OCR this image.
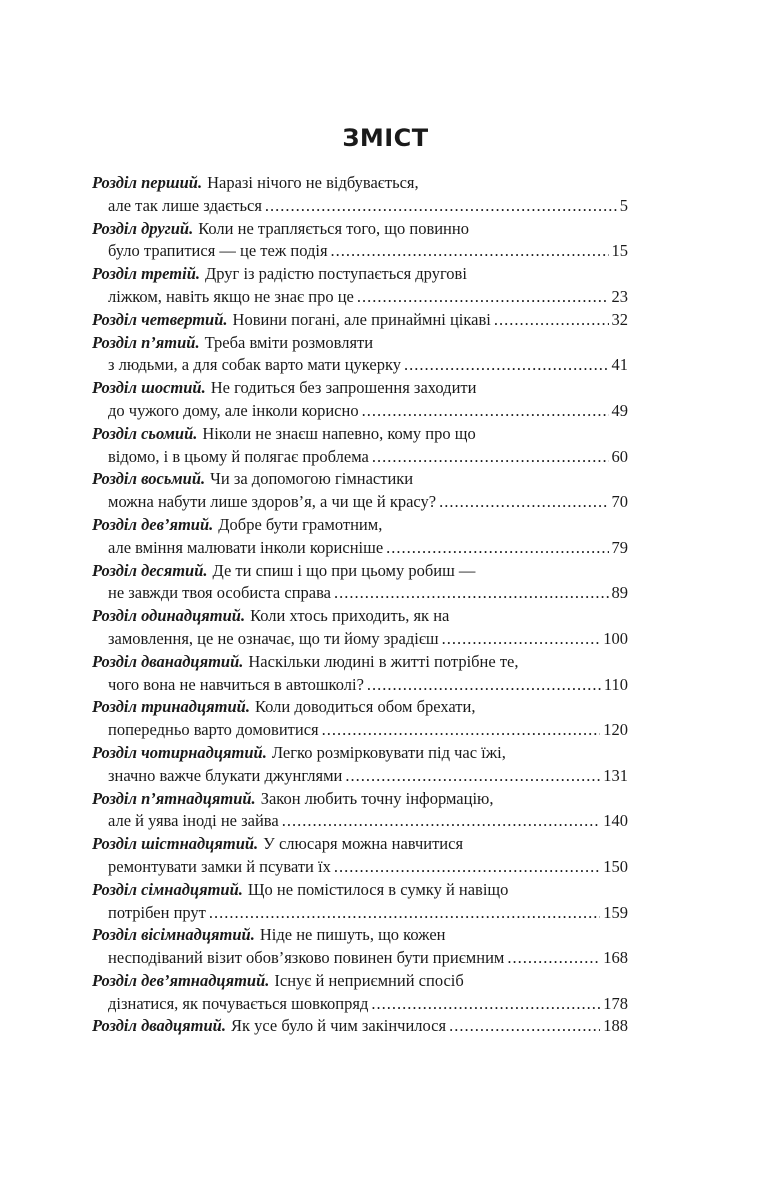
ЗМІСТ
Розділ перший. Наразі нічого не відбувається,
але так лише здається .....	5
Розділ другий. Коли не трапляється того, що повинно
було трапитися — це теж подія .....	15
Розділ третій. Друг із радістю поступається другові
ліжком, навіть якщо не знає про це .....	23
Розділ четвертий. Новини погані, але принаймні цікаві .....	32
Розділ п’ятий. Треба вміти розмовляти
з людьми, а для собак варто мати цукерку .....	41
Розділ шостий. Не годиться без запрошення заходити
до чужого дому, але інколи корисно .....	49
Розділ сьомий. Ніколи не знаєш напевно, кому про що
відомо, і в цьому й полягає проблема .....	60
Розділ восьмий. Чи за допомогою гімнастики
можна набути лише здоров’я, а чи ще й красу? .....	70
Розділ дев’ятий. Добре бути грамотним,
але вміння малювати інколи корисніше .....	79
Розділ десятий. Де ти спиш і що при цьому робиш —
не завжди твоя особиста справа .....	89
Розділ одинадцятий. Коли хтось приходить, як на
замовлення, це не означає, що ти йому зрадієш .....	100
Розділ дванадцятий. Наскільки людині в житті потрібне те,
чого вона не навчиться в автошколі? .....	110
Розділ тринадцятий. Коли доводиться обом брехати,
попередньо варто домовитися .....	120
Розділ чотирнадцятий. Легко розмірковувати під час їжі,
значно важче блукати джунглями .....	131
Розділ п’ятнадцятий. Закон любить точну інформацію,
але й уява іноді не зайва .....	140
Розділ шістнадцятий. У слюсаря можна навчитися
ремонтувати замки й псувати їх .....	150
Розділ сімнадцятий. Що не помістилося в сумку й навіщо
потрібен прут .....	159
Розділ вісімнадцятий. Ніде не пишуть, що кожен
несподіваний візит обов’язково повинен бути приємним .....	168
Розділ дев’ятнадцятий. Існує й неприємний спосіб
дізнатися, як почувається шовкопряд .....	178
Розділ двадцятий. Як усе було й чим закінчилося .....	188
